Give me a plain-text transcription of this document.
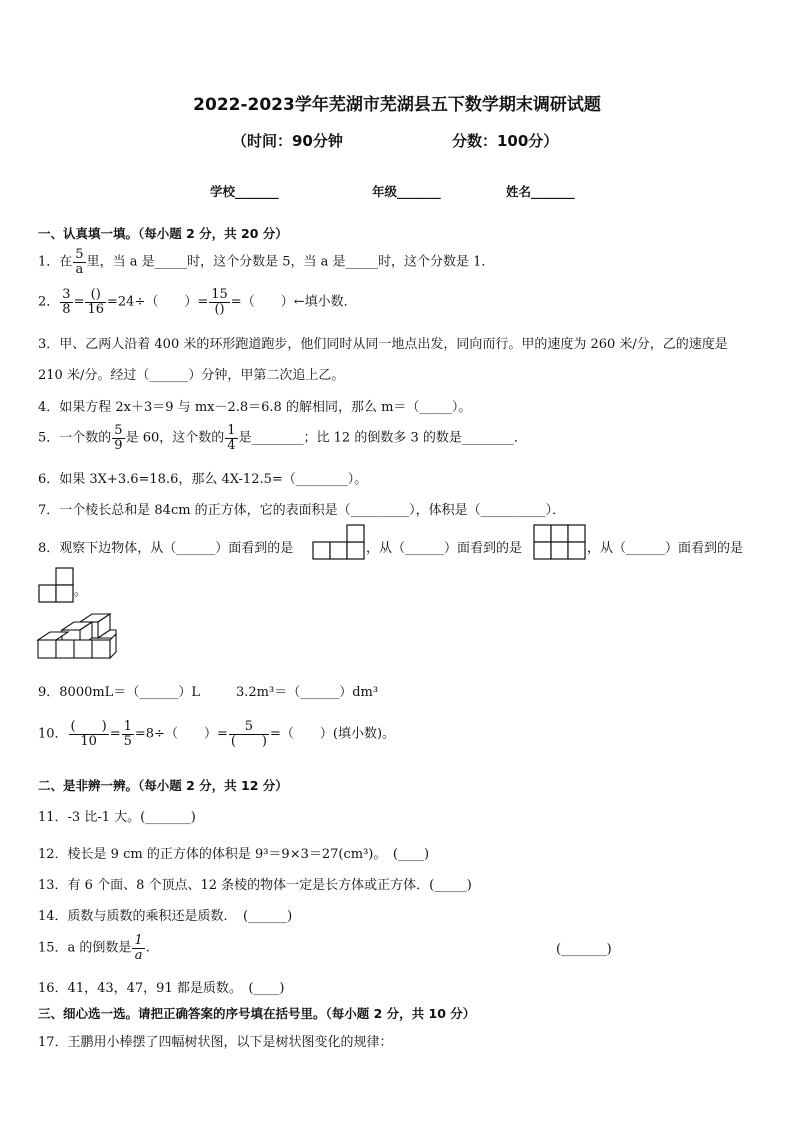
2022-2023学年芜湖市芜湖县五下数学期末调研试题
（时间：90分钟	分数：100分）
学校_______	年级_______	姓名_______
一、认真填一填。（每小题 2 分，共 20 分）
1．在 $\frac{5}{a}$ 里，当 a 是_____时，这个分数是 5，当 a 是_____时，这个分数是 1．
2． $\frac{3}{8} = \frac{()}{16} =24\div$（　　）= $\frac{15}{()}$ =（　　）←填小数．
3．甲、乙两人沿着 400 米的环形跑道跑步，他们同时从同一地点出发，同向而行。甲的速度为 260 米/分，乙的速度是
210 米/分。经过（______）分钟，甲第二次追上乙。
4．如果方程 2x＋3＝9 与 mx－2.8＝6.8 的解相同，那么 m＝（_____）。
5．一个数的 $\frac{5}{9}$ 是 60，这个数的 $\frac{1}{4}$ 是________；比 12 的倒数多 3 的数是________．
6．如果 3X+3.6=18.6，那么 4X-12.5=（________）。
7．一个棱长总和是 84cm 的正方体，它的表面积是（_________），体积是（__________）．
8．观察下边物体，从（______）面看到的是	，从（______）面看到的是	，从（______）面看到的是
。
9．8000mL＝（______）L	3.2m³＝（______）dm³
10． $\frac{( )}{10} = \frac{1}{5} =8\div$（　　）= $\frac{5}{( )}$ =（　　）(填小数)。
二、是非辨一辨。（每小题 2 分，共 12 分）
11．-3 比-1 大。(_______)
12．棱长是 9 cm 的正方体的体积是 9³＝9×3＝27(cm³)。　(____)
13．有 6 个面、8 个顶点、12 条棱的物体一定是长方体或正方体．(_____)
14．质数与质数的乘积还是质数．　(______)
15．a 的倒数是 $\frac{1}{a}$ .	(_______)
16．41，43，47，91 都是质数。　(____)
三、细心选一选。请把正确答案的序号填在括号里。（每小题 2 分，共 10 分）
17．王鹏用小棒摆了四幅树状图，以下是树状图变化的规律：
